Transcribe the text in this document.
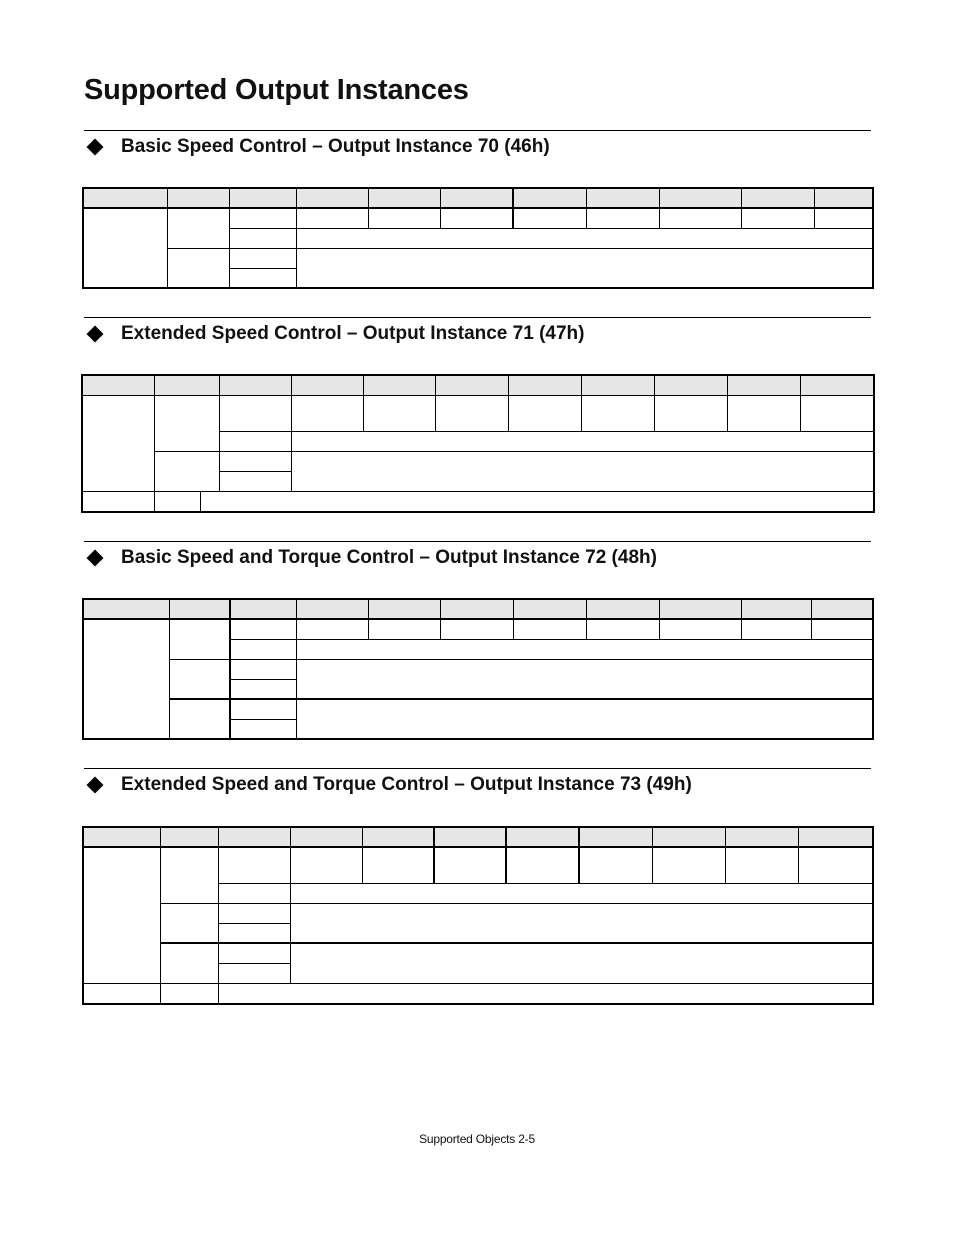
Supported Output Instances
Basic Speed Control – Output Instance 70 (46h)

Extended Speed Control – Output Instance 71 (47h)

Basic Speed and Torque Control – Output Instance 72 (48h)

Extended Speed and Torque Control – Output Instance 73 (49h)

Supported Objects 2-5
